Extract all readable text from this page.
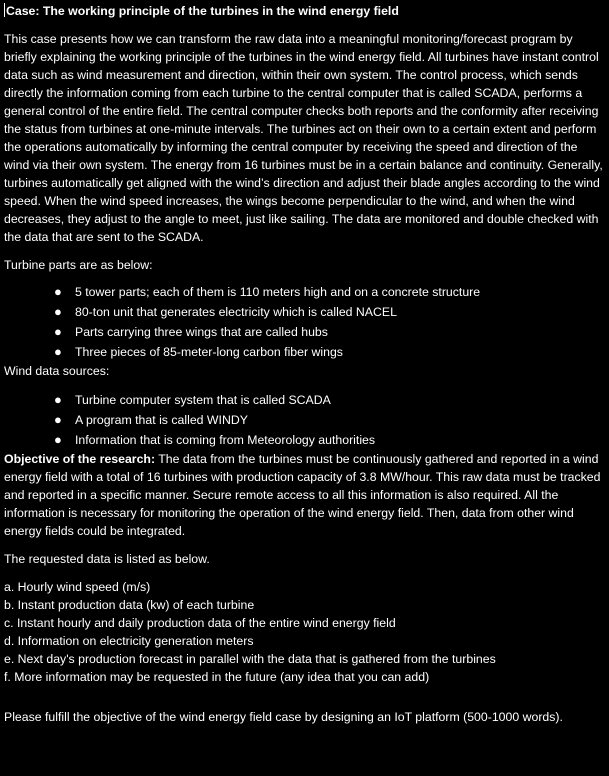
Case: The working principle of the turbines in the wind energy field

This case presents how we can transform the raw data into a meaningful monitoring/forecast program by briefly explaining the working principle of the turbines in the wind energy field. All turbines have instant control data such as wind measurement and direction, within their own system. The control process, which sends directly the information coming from each turbine to the central computer that is called SCADA, performs a general control of the entire field. The central computer checks both reports and the conformity after receiving the status from turbines at one-minute intervals. The turbines act on their own to a certain extent and perform the operations automatically by informing the central computer by receiving the speed and direction of the wind via their own system. The energy from 16 turbines must be in a certain balance and continuity. Generally, turbines automatically get aligned with the wind’s direction and adjust their blade angles according to the wind speed. When the wind speed increases, the wings become perpendicular to the wind, and when the wind decreases, they adjust to the angle to meet, just like sailing. The data are monitored and double checked with the data that are sent to the SCADA.

Turbine parts are as below:

● 5 tower parts; each of them is 110 meters high and on a concrete structure
● 80-ton unit that generates electricity which is called NACEL
● Parts carrying three wings that are called hubs
● Three pieces of 85-meter-long carbon fiber wings

Wind data sources:

● Turbine computer system that is called SCADA
● A program that is called WINDY
● Information that is coming from Meteorology authorities

Objective of the research: The data from the turbines must be continuously gathered and reported in a wind energy field with a total of 16 turbines with production capacity of 3.8 MW/hour. This raw data must be tracked and reported in a specific manner. Secure remote access to all this information is also required. All the information is necessary for monitoring the operation of the wind energy field. Then, data from other wind energy fields could be integrated.

The requested data is listed as below.

a. Hourly wind speed (m/s)

b. Instant production data (kw) of each turbine

c. Instant hourly and daily production data of the entire wind energy field

d. Information on electricity generation meters

e. Next day's production forecast in parallel with the data that is gathered from the turbines

f. More information may be requested in the future (any idea that you can add)

Please fulfill the objective of the wind energy field case by designing an IoT platform (500-1000 words).
